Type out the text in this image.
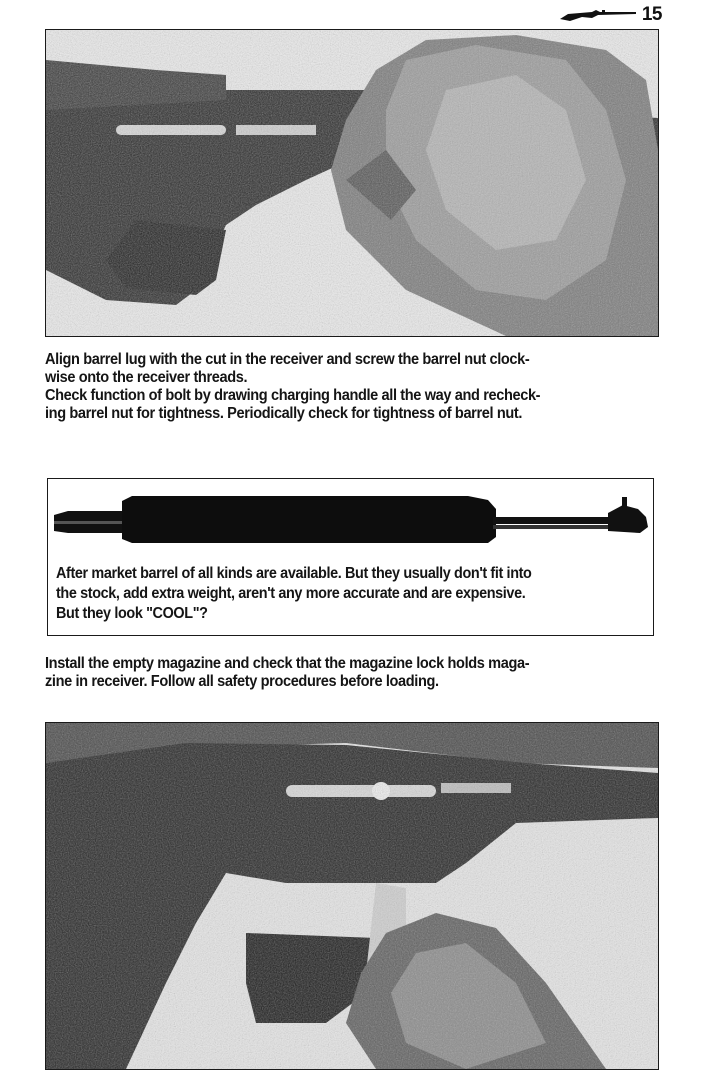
15

Align barrel lug with the cut in the receiver and screw the barrel nut clock-

wise onto the receiver threads.

Check function of bolt by drawing charging handle all the way and recheck-

ing barrel nut for tightness. Periodically check for tightness of barrel nut.

After market barrel of all kinds are available. But they usually don't fit into
the stock, add extra weight, aren't any more accurate and are expensive.
But they look "COOL"?

Install the empty magazine and check that the magazine lock holds maga-

zine in receiver. Follow all safety procedures before loading.
